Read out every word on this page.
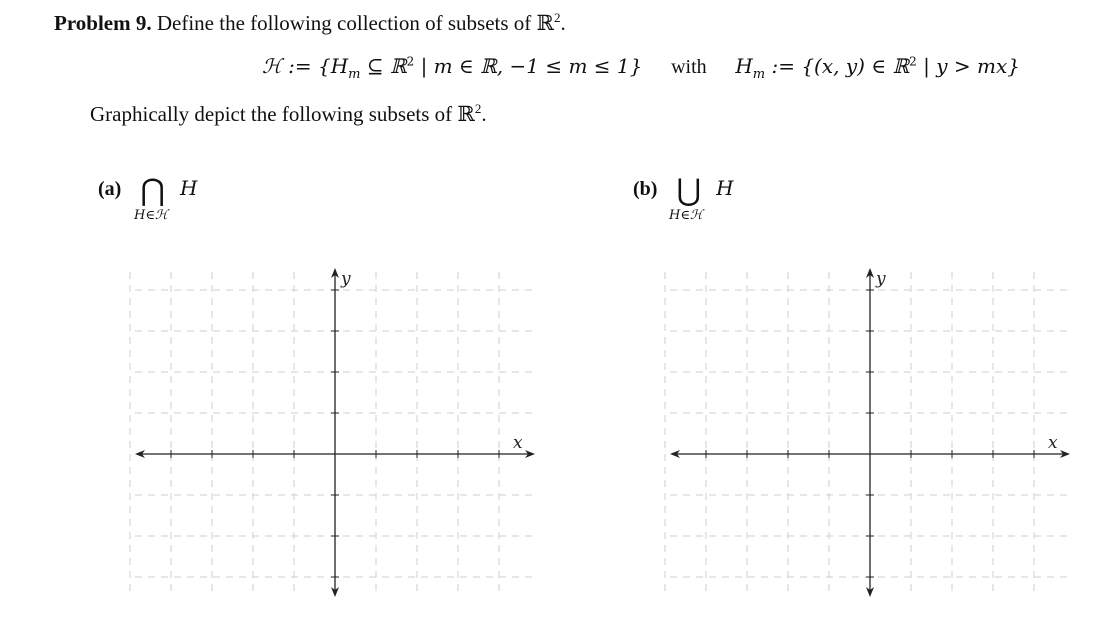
Problem 9. Define the following collection of subsets of ℝ$^2$.
ℋ := {$H_m$ ⊆ ℝ$^2$ | m ∈ ℝ, −1 ≤ m ≤ 1} with $H_m$ := {(x, y) ∈ ℝ$^2$ | y > mx}
Graphically depict the following subsets of ℝ$^2$.
(a) ⋂ H
H∈ℋ
(b) ⋃ H
H∈ℋ
x
y
x
y
